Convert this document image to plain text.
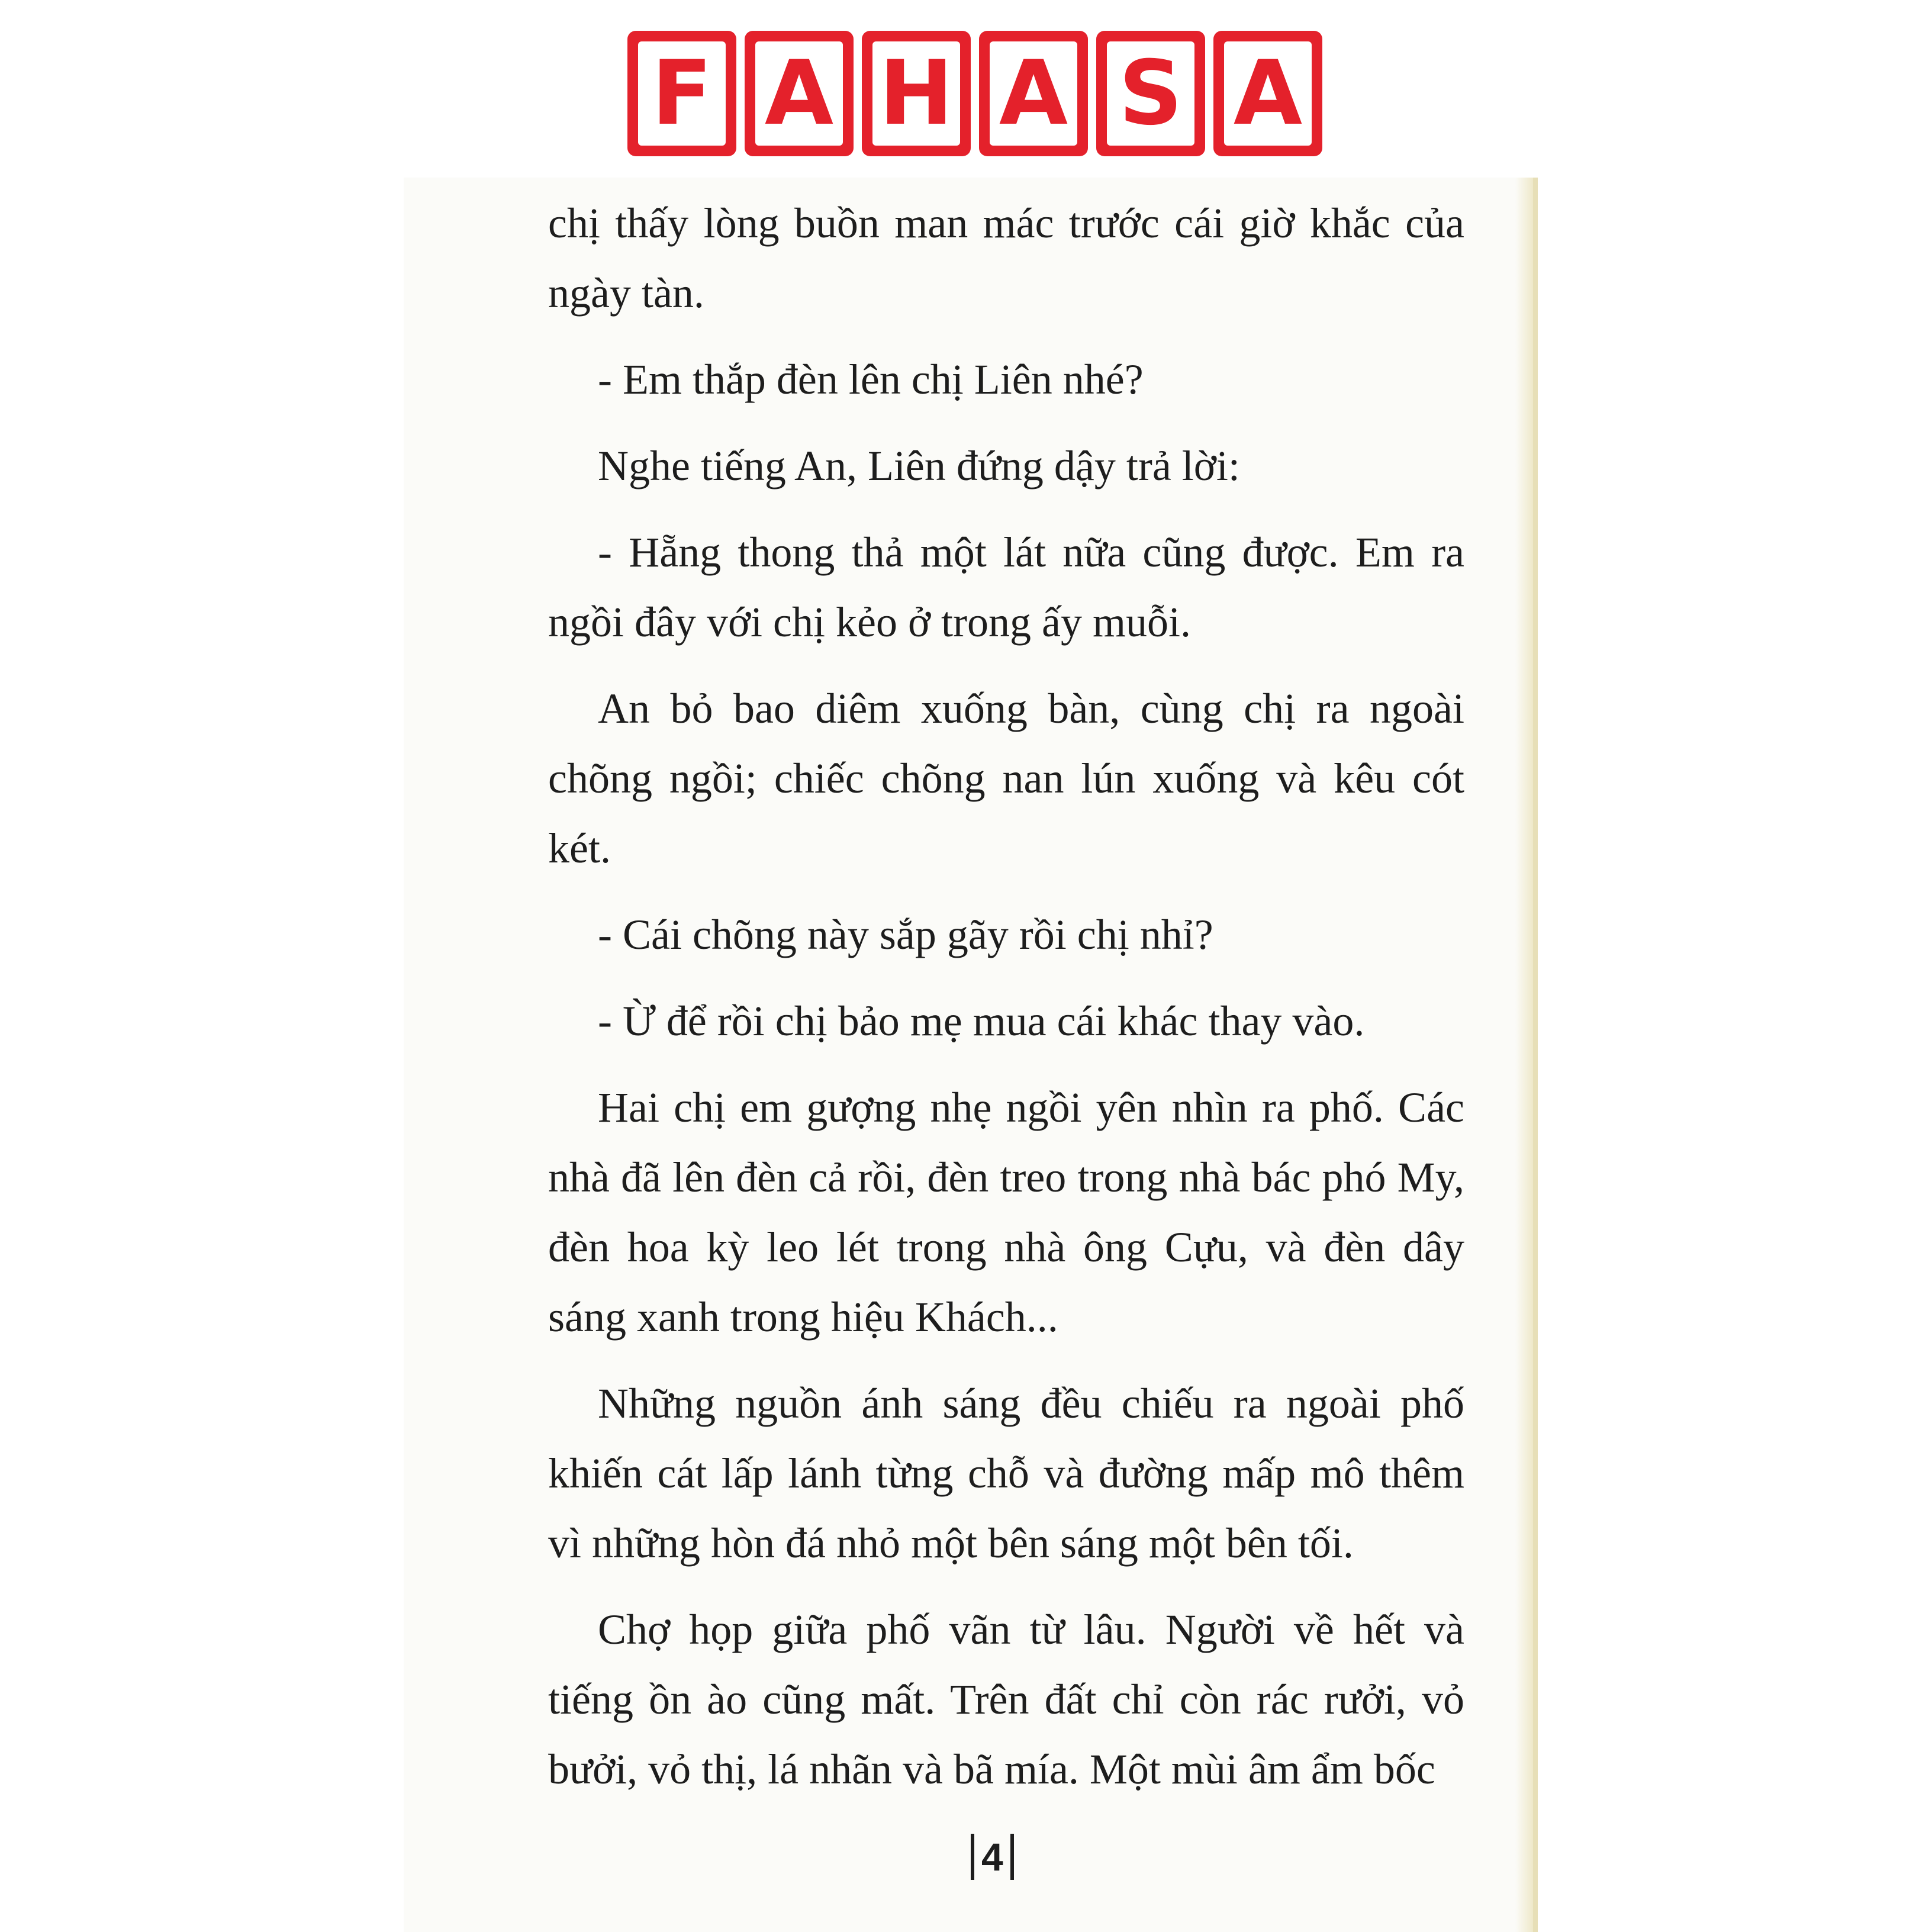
F A H A S A

chị thấy lòng buồn man mác trước cái giờ khắc của ngày tàn.

- Em thắp đèn lên chị Liên nhé?

Nghe tiếng An, Liên đứng dậy trả lời:

- Hẵng thong thả một lát nữa cũng được. Em ra ngồi đây với chị kẻo ở trong ấy muỗi.

An bỏ bao diêm xuống bàn, cùng chị ra ngoài chõng ngồi; chiếc chõng nan lún xuống và kêu cót két.

- Cái chõng này sắp gãy rồi chị nhỉ?

- Ừ để rồi chị bảo mẹ mua cái khác thay vào.

Hai chị em gượng nhẹ ngồi yên nhìn ra phố. Các nhà đã lên đèn cả rồi, đèn treo trong nhà bác phó My, đèn hoa kỳ leo lét trong nhà ông Cựu, và đèn dây sáng xanh trong hiệu Khách...

Những nguồn ánh sáng đều chiếu ra ngoài phố khiến cát lấp lánh từng chỗ và đường mấp mô thêm vì những hòn đá nhỏ một bên sáng một bên tối.

Chợ họp giữa phố vãn từ lâu. Người về hết và tiếng ồn ào cũng mất. Trên đất chỉ còn rác rưởi, vỏ bưởi, vỏ thị, lá nhãn và bã mía. Một mùi âm ẩm bốc

4
